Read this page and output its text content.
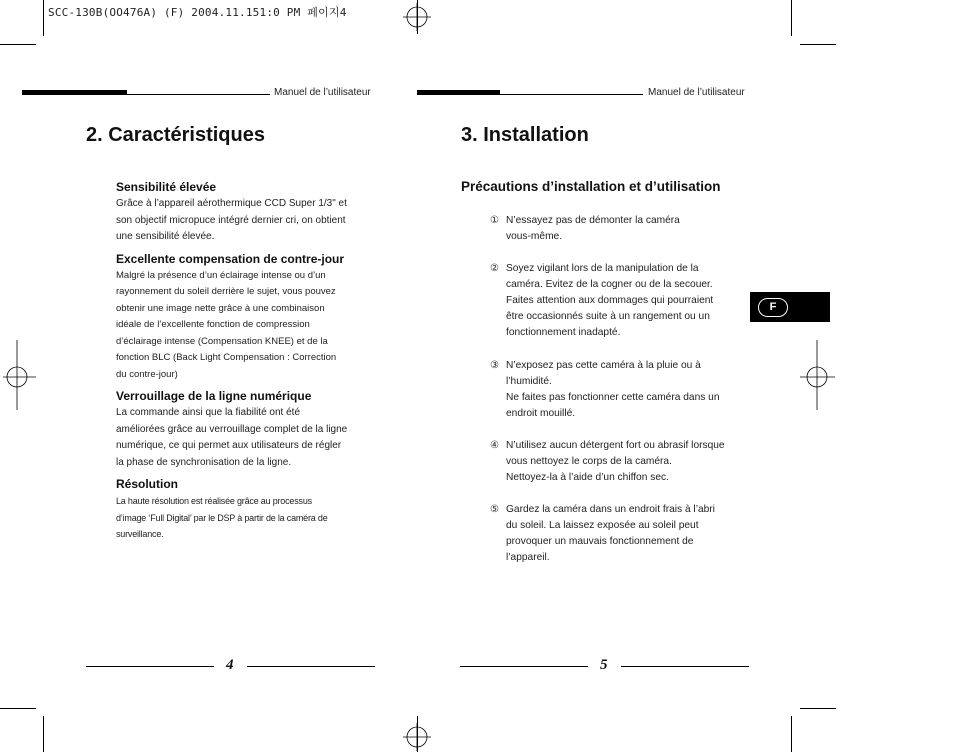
SCC-130B(OO476A) (F) 2004.11.151:0 PM 페이지4
Manuel de l’utilisateur	Manuel de l’utilisateur
2. Caractéristiques
Sensibilité élevée
Grâce à l’appareil aérothermique CCD Super 1/3" et
son objectif micropuce intégré dernier cri, on obtient
une sensibilité élevée.
Excellente compensation de contre-jour
Malgré la présence d’un éclairage intense ou d’un
rayonnement du soleil derrière le sujet, vous pouvez
obtenir une image nette grâce à une combinaison
idéale de l’excellente fonction de compression
d’éclairage intense (Compensation KNEE) et de la
fonction BLC (Back Light Compensation : Correction
du contre-jour)
Verrouillage de la ligne numérique
La commande ainsi que la fiabilité ont été
améliorées grâce au verrouillage complet de la ligne
numérique, ce qui permet aux utilisateurs de régler
la phase de synchronisation de la ligne.
Résolution
La haute résolution est réalisée grâce au processus
d’image ‘Full Digital’ par le DSP à partir de la caméra de
surveillance.
3. Installation
Précautions d’installation et d’utilisation
① N’essayez pas de démonter la caméra
vous-même.
② Soyez vigilant lors de la manipulation de la
caméra. Evitez de la cogner ou de la secouer.
Faites attention aux dommages qui pourraient
être occasionnés suite à un rangement ou un
fonctionnement inadapté.
③ N’exposez pas cette caméra à la pluie ou à
l’humidité.
Ne faites pas fonctionner cette caméra dans un
endroit mouillé.
④ N’utilisez aucun détergent fort ou abrasif lorsque
vous nettoyez le corps de la caméra.
Nettoyez-la à l’aide d’un chiffon sec.
⑤ Gardez la caméra dans un endroit frais à l’abri
du soleil. La laissez exposée au soleil peut
provoquer un mauvais fonctionnement de
l’appareil.
F
4	5
